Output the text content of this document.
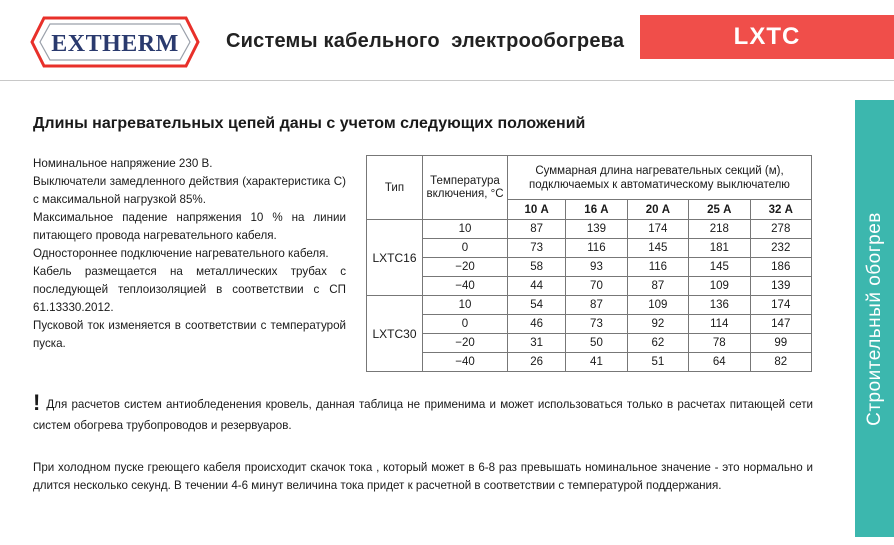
EXTHERM Системы кабельного  электрообогрева	LXTC
Строительный обогрев
Длины нагревательных цепей даны с учетом следующих положений

Номинальное напряжение 230 В.

Выключатели замедленного действия (характеристика С) с максимальной нагрузкой 85%.

Максимальное падение напряжения 10 % на линии питающего провода нагревательного кабеля.

Одностороннее подключение нагревательного кабеля.

Кабель размещается на металлических трубах с последующей теплоизоляцией в соответствии с СП 61.13330.2012.

Пусковой ток изменяется в соответствии с температурой пуска.

Тип	Температура включения, °С	Суммарная длина нагревательных секций (м), подключаемых к автоматическому выключателю				
		10 А	16 А	20 А	25 А	32 А
LXTC16	10	87	139	174	218	278
	0	73	116	145	181	232
	−20	58	93	116	145	186
	−40	44	70	87	109	139
LXTC30	10	54	87	109	136	174
	0	46	73	92	114	147
	−20	31	50	62	78	99
	−40	26	41	51	64	82
! Для расчетов систем антиобледенения кровель, данная таблица не применима и может использоваться только в расчетах питающей сети систем обогрева трубопроводов и резервуаров.
При холодном пуске греющего кабеля происходит скачок тока , который может в 6-8 раз превышать номинальное значение - это нормально и длится несколько секунд. В течении 4-6 минут величина тока придет к расчетной в соответствии с температурой поддержания.
